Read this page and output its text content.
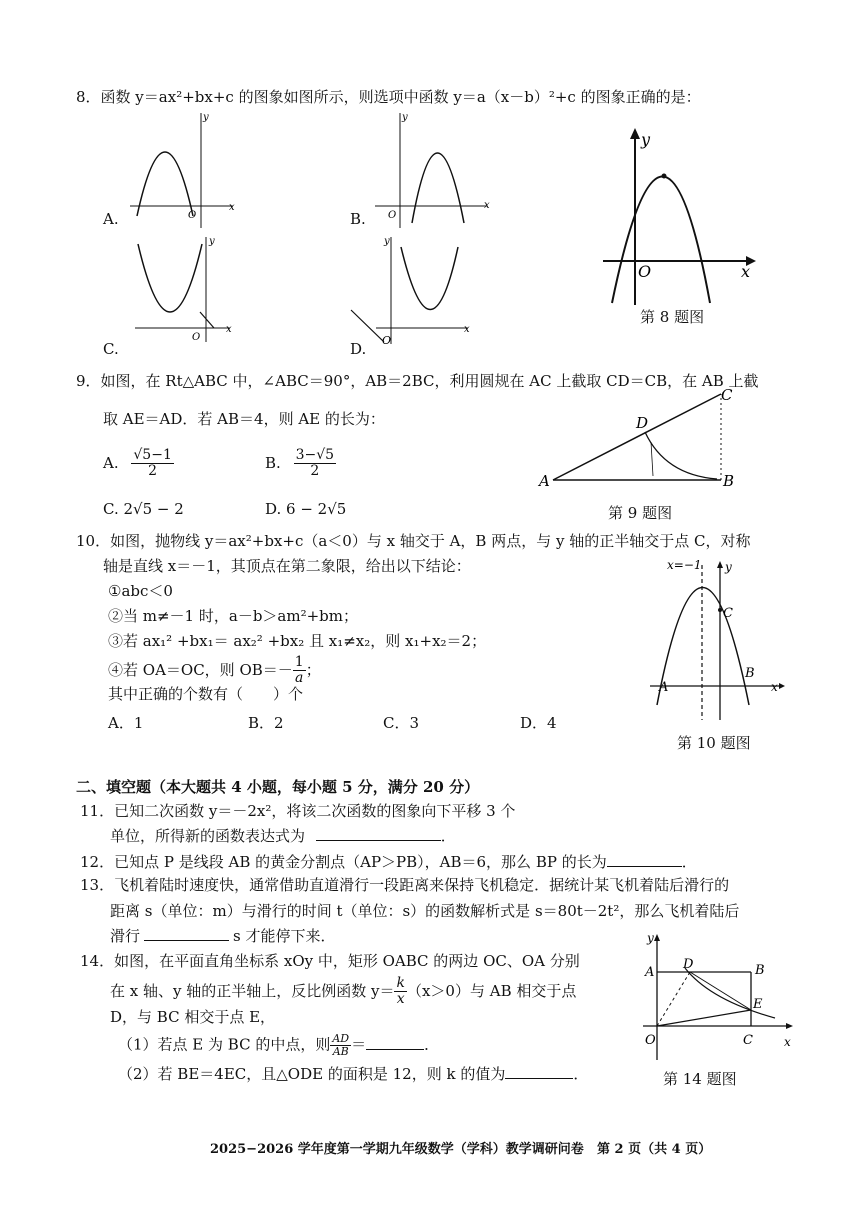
8．函数 y＝ax²+bx+c 的图象如图所示，则选项中函数 y＝a（x－b）²+c 的图象正确的是：
A.
x
y
O	B.
x
y
O
C.
x
y
O
D.
x
y
O
y
O	x
第 8 题图
9．如图，在 Rt△ABC 中，∠ABC＝90°，AB＝2BC，利用圆规在 AC 上截取 CD＝CB，在 AB 上截
取 AE＝AD．若 AB＝4，则 AE 的长为：
A. $\frac{√5-1}{2}$	B. $\frac{3-√5}{2}$
C. 2√5 − 2	D. 6 − 2√5
A	B
C
D
第 9 题图
10．如图，抛物线 y＝ax²+bx+c（a＜0）与 x 轴交于 A，B 两点，与 y 轴的正半轴交于点 C，对称
轴是直线 x＝－1，其顶点在第二象限，给出以下结论：
①abc＜0
②当 m≠－1 时，a－b＞am²+bm；
③若 ax₁² +bx₁＝ ax₂² +bx₂ 且 x₁≠x₂，则 x₁+x₂＝2；
④若 OA＝OC，则 $OB=- \frac{1}{a}$ ；
其中正确的个数有（　　）个
A．1	B．2	C．3	D．4
x=−1 y
C
B
A	x
第 10 题图
二、填空题（本大题共 4 小题，每小题 5 分，满分 20 分）
11．已知二次函数 y＝－2x²，将该二次函数的图象向下平移 3 个
单位，所得新的函数表达式为	．
12．已知点 P 是线段 AB 的黄金分割点（AP＞PB），AB＝6，那么 BP 的长为	．
13．飞机着陆时速度快，通常借助直道滑行一段距离来保持飞机稳定．据统计某飞机着陆后滑行的
距离 s（单位：m）与滑行的时间 t（单位：s）的函数解析式是 s＝80t－2t²，那么飞机着陆后
滑行	s 才能停下来．
14．如图，在平面直角坐标系 xOy 中，矩形 OABC 的两边 OC、OA 分别
在 x 轴、y 轴的正半轴上，反比例函数 $y= \frac{k}{x} (x>0)$与 AB 相交于点
D，与 BC 相交于点 E，
（1）若点 E 为 BC 的中点，则 $\frac{AD}{AB}$ ＝	．
（2）若 BE＝4EC，且△ODE 的面积是 12，则 k 的值为	．
y
A
D	B
E
O	C	x
第 14 题图
2025−2026 学年度第一学期九年级数学（学科）教学调研问卷 第 2 页（共 4 页）
